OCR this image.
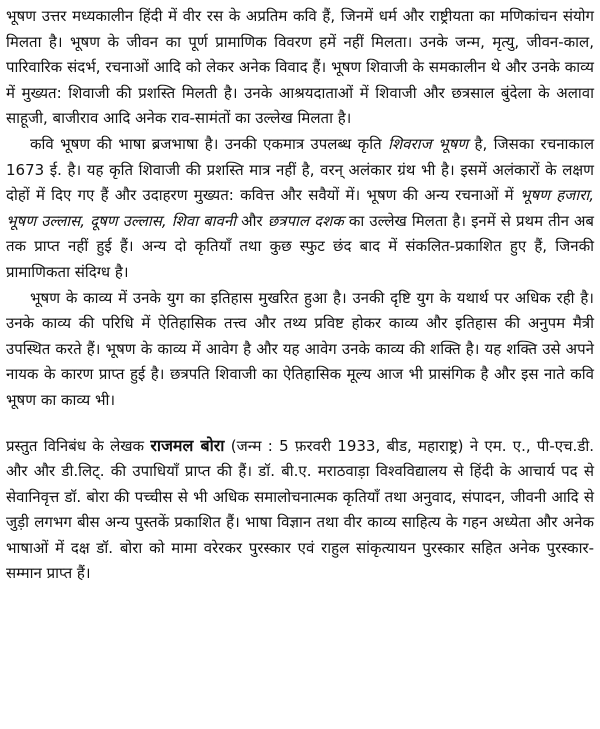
भूषण उत्तर मध्यकालीन हिंदी में वीर रस के अप्रतिम कवि हैं, जिनमें धर्म और राष्ट्रीयता का मणिकांचन संयोग मिलता है। भूषण के जीवन का पूर्ण प्रामाणिक विवरण हमें नहीं मिलता। उनके जन्म, मृत्यु, जीवन-काल, पारिवारिक संदर्भ, रचनाओं आदि को लेकर अनेक विवाद हैं। भूषण शिवाजी के समकालीन थे और उनके काव्य में मुख्यत: शिवाजी की प्रशस्ति मिलती है। उनके आश्रयदाताओं में शिवाजी और छत्रसाल बुंदेला के अलावा साहूजी, बाजीराव आदि अनेक राव-सामंतों का उल्लेख मिलता है।

कवि भूषण की भाषा ब्रजभाषा है। उनकी एकमात्र उपलब्ध कृति शिवराज भूषण है, जिसका रचनाकाल 1673 ई. है। यह कृति शिवाजी की प्रशस्ति मात्र नहीं है, वरन् अलंकार ग्रंथ भी है। इसमें अलंकारों के लक्षण दोहों में दिए गए हैं और उदाहरण मुख्यत: कवित्त और सवैयों में। भूषण की अन्य रचनाओं में भूषण हजारा, भूषण उल्लास, दूषण उल्लास, शिवा बावनी और छत्रपाल दशक का उल्लेख मिलता है। इनमें से प्रथम तीन अब तक प्राप्त नहीं हुई हैं। अन्य दो कृतियाँ तथा कुछ स्फुट छंद बाद में संकलित-प्रकाशित हुए हैं, जिनकी प्रामाणिकता संदिग्ध है।

भूषण के काव्य में उनके युग का इतिहास मुखरित हुआ है। उनकी दृष्टि युग के यथार्थ पर अधिक रही है। उनके काव्य की परिधि में ऐतिहासिक तत्त्व और तथ्य प्रविष्ट होकर काव्य और इतिहास की अनुपम मैत्री उपस्थित करते हैं। भूषण के काव्य में आवेग है और यह आवेग उनके काव्य की शक्ति है। यह शक्ति उसे अपने नायक के कारण प्राप्त हुई है। छत्रपति शिवाजी का ऐतिहासिक मूल्य आज भी प्रासंगिक है और इस नाते कवि भूषण का काव्य भी।

प्रस्तुत विनिबंध के लेखक राजमल बोरा (जन्म : 5 फ़रवरी 1933, बीड, महाराष्ट्र) ने एम. ए., पी-एच.डी. और और डी.लिट्. की उपाधियाँ प्राप्त की हैं। डॉ. बी.ए. मराठवाड़ा विश्वविद्यालय से हिंदी के आचार्य पद से सेवानिवृत्त डॉ. बोरा की पच्चीस से भी अधिक समालोचनात्मक कृतियाँ तथा अनुवाद, संपादन, जीवनी आदि से जुड़ी लगभग बीस अन्य पुस्तकें प्रकाशित हैं। भाषा विज्ञान तथा वीर काव्य साहित्य के गहन अध्येता और अनेक भाषाओं में दक्ष डॉ. बोरा को मामा वरेरकर पुरस्कार एवं राहुल सांकृत्यायन पुरस्कार सहित अनेक पुरस्कार-सम्मान प्राप्त हैं।
